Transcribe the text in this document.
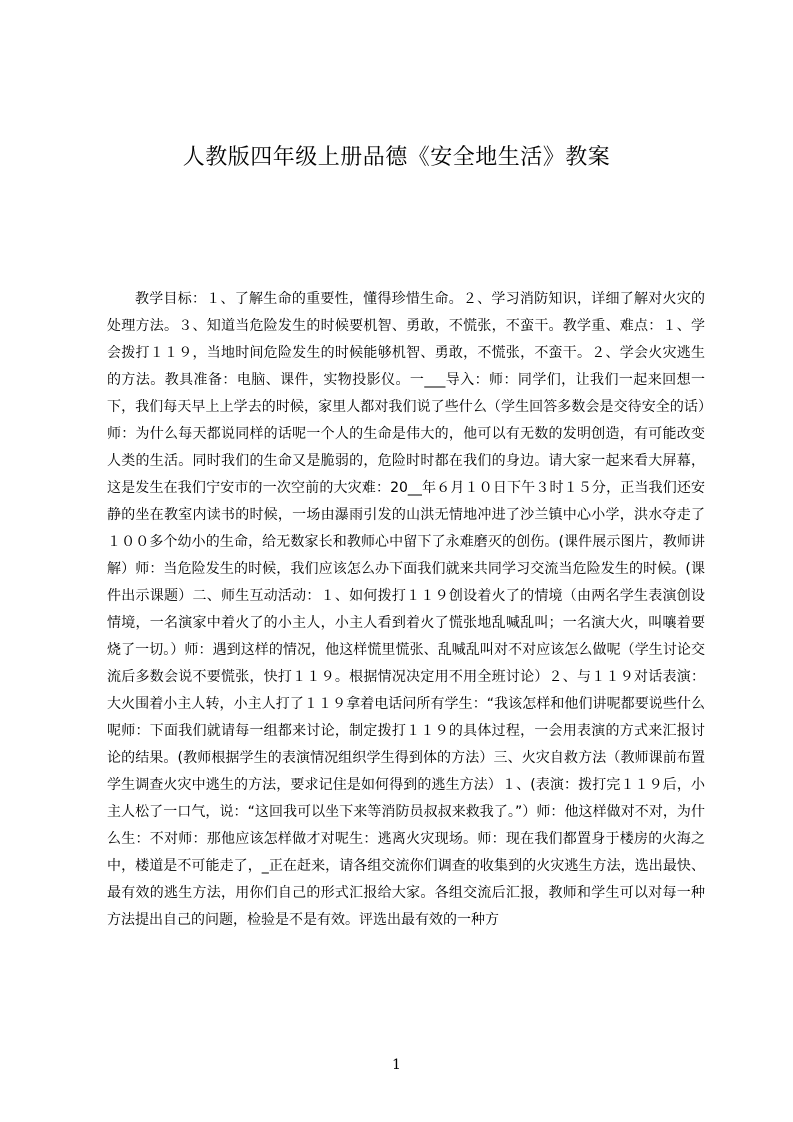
人教版四年级上册品德《安全地生活》教案

教学目标：１、了解生命的重要性，懂得珍惜生命。２、学习消防知识，详细了解对火灾的处理方法。３、知道当危险发生的时候要机智、勇敢，不慌张，不蛮干。教学重、难点：１、学会拨打１１９，当地时间危险发生的时候能够机智、勇敢，不慌张，不蛮干。２、学会火灾逃生的方法。教具准备：电脑、课件，实物投影仪。一___导入：师：同学们，让我们一起来回想一下，我们每天早上上学去的时候，家里人都对我们说了些什么（学生回答多数会是交待安全的话）师：为什么每天都说同样的话呢一个人的生命是伟大的，他可以有无数的发明创造，有可能改变人类的生活。同时我们的生命又是脆弱的，危险时时都在我们的身边。请大家一起来看大屏幕，这是发生在我们宁安市的一次空前的大灾难：20__年６月１０日下午３时１５分，正当我们还安静的坐在教室内读书的时候，一场由瀑雨引发的山洪无情地冲进了沙兰镇中心小学，洪水夺走了１００多个幼小的生命，给无数家长和教师心中留下了永难磨灭的创伤。(课件展示图片，教师讲解）师：当危险发生的时候，我们应该怎么办下面我们就来共同学习交流当危险发生的时候。(课件出示课题）二、师生互动活动：１、如何拨打１１９创设着火了的情境（由两名学生表演创设情境，一名演家中着火了的小主人，小主人看到着火了慌张地乱喊乱叫；一名演大火，叫嚷着要烧了一切。）师：遇到这样的情况，他这样慌里慌张、乱喊乱叫对不对应该怎么做呢（学生讨论交流后多数会说不要慌张，快打１１９。根据情况决定用不用全班讨论）２、与１１９对话表演：大火围着小主人转，小主人打了１１９拿着电话问所有学生：“我该怎样和他们讲呢都要说些什么呢师：下面我们就请每一组都来讨论，制定拨打１１９的具体过程，一会用表演的方式来汇报讨论的结果。(教师根据学生的表演情况组织学生得到体的方法）三、火灾自救方法（教师课前布置学生调查火灾中逃生的方法，要求记住是如何得到的逃生方法）１、(表演：拨打完１１９后，小主人松了一口气，说：“这回我可以坐下来等消防员叔叔来救我了。”）师：他这样做对不对，为什么生：不对师：那他应该怎样做才对呢生：逃离火灾现场。师：现在我们都置身于楼房的火海之中，楼道是不可能走了，_正在赶来，请各组交流你们调查的收集到的火灾逃生方法，选出最快、最有效的逃生方法，用你们自己的形式汇报给大家。各组交流后汇报，教师和学生可以对每一种方法提出自己的问题，检验是不是有效。评选出最有效的一种方

1
